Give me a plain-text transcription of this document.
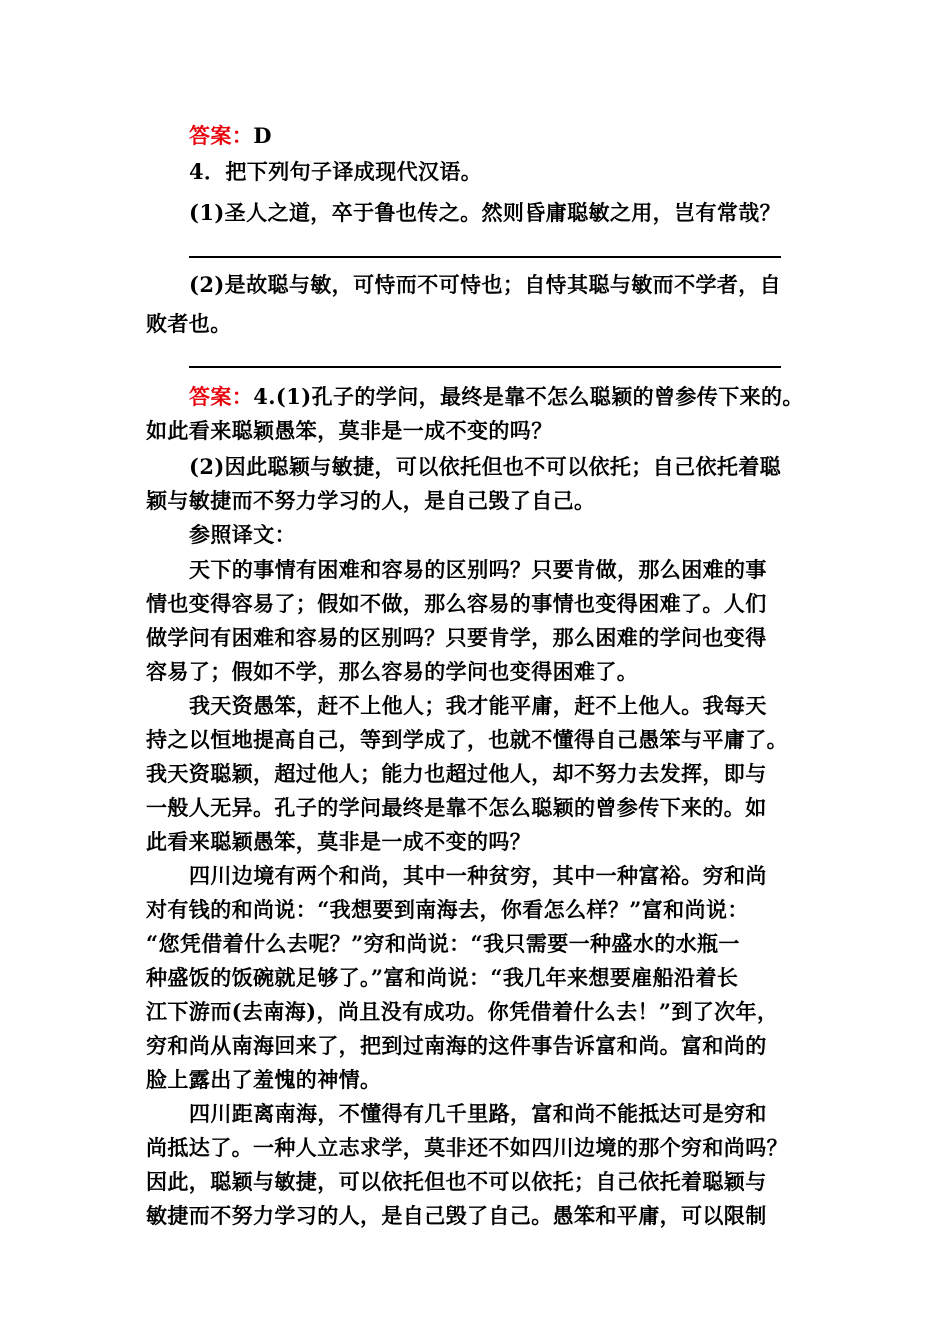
答案：D
4．把下列句子译成现代汉语。
(1)圣人之道，卒于鲁也传之。然则昏庸聪敏之用，岂有常哉？
(2)是故聪与敏，可恃而不可恃也；自恃其聪与敏而不学者，自
败者也。
答案：4.(1)孔子的学问，最终是靠不怎么聪颖的曾参传下来的。
如此看来聪颖愚笨，莫非是一成不变的吗？
(2)因此聪颖与敏捷，可以依托但也不可以依托；自己依托着聪
颖与敏捷而不努力学习的人，是自己毁了自己。
参照译文：
天下的事情有困难和容易的区别吗？只要肯做，那么困难的事
情也变得容易了；假如不做，那么容易的事情也变得困难了。人们
做学问有困难和容易的区别吗？只要肯学，那么困难的学问也变得
容易了；假如不学，那么容易的学问也变得困难了。
我天资愚笨，赶不上他人；我才能平庸，赶不上他人。我每天
持之以恒地提高自己，等到学成了，也就不懂得自己愚笨与平庸了。
我天资聪颖，超过他人；能力也超过他人，却不努力去发挥，即与
一般人无异。孔子的学问最终是靠不怎么聪颖的曾参传下来的。如
此看来聪颖愚笨，莫非是一成不变的吗？
四川边境有两个和尚，其中一种贫穷，其中一种富裕。穷和尚
对有钱的和尚说：“我想要到南海去，你看怎么样？”富和尚说：
“您凭借着什么去呢？”穷和尚说：“我只需要一种盛水的水瓶一
种盛饭的饭碗就足够了。”富和尚说：“我几年来想要雇船沿着长
江下游而(去南海)，尚且没有成功。你凭借着什么去！”到了次年，
穷和尚从南海回来了，把到过南海的这件事告诉富和尚。富和尚的
脸上露出了羞愧的神情。
四川距离南海，不懂得有几千里路，富和尚不能抵达可是穷和
尚抵达了。一种人立志求学，莫非还不如四川边境的那个穷和尚吗？
因此，聪颖与敏捷，可以依托但也不可以依托；自己依托着聪颖与
敏捷而不努力学习的人，是自己毁了自己。愚笨和平庸，可以限制
